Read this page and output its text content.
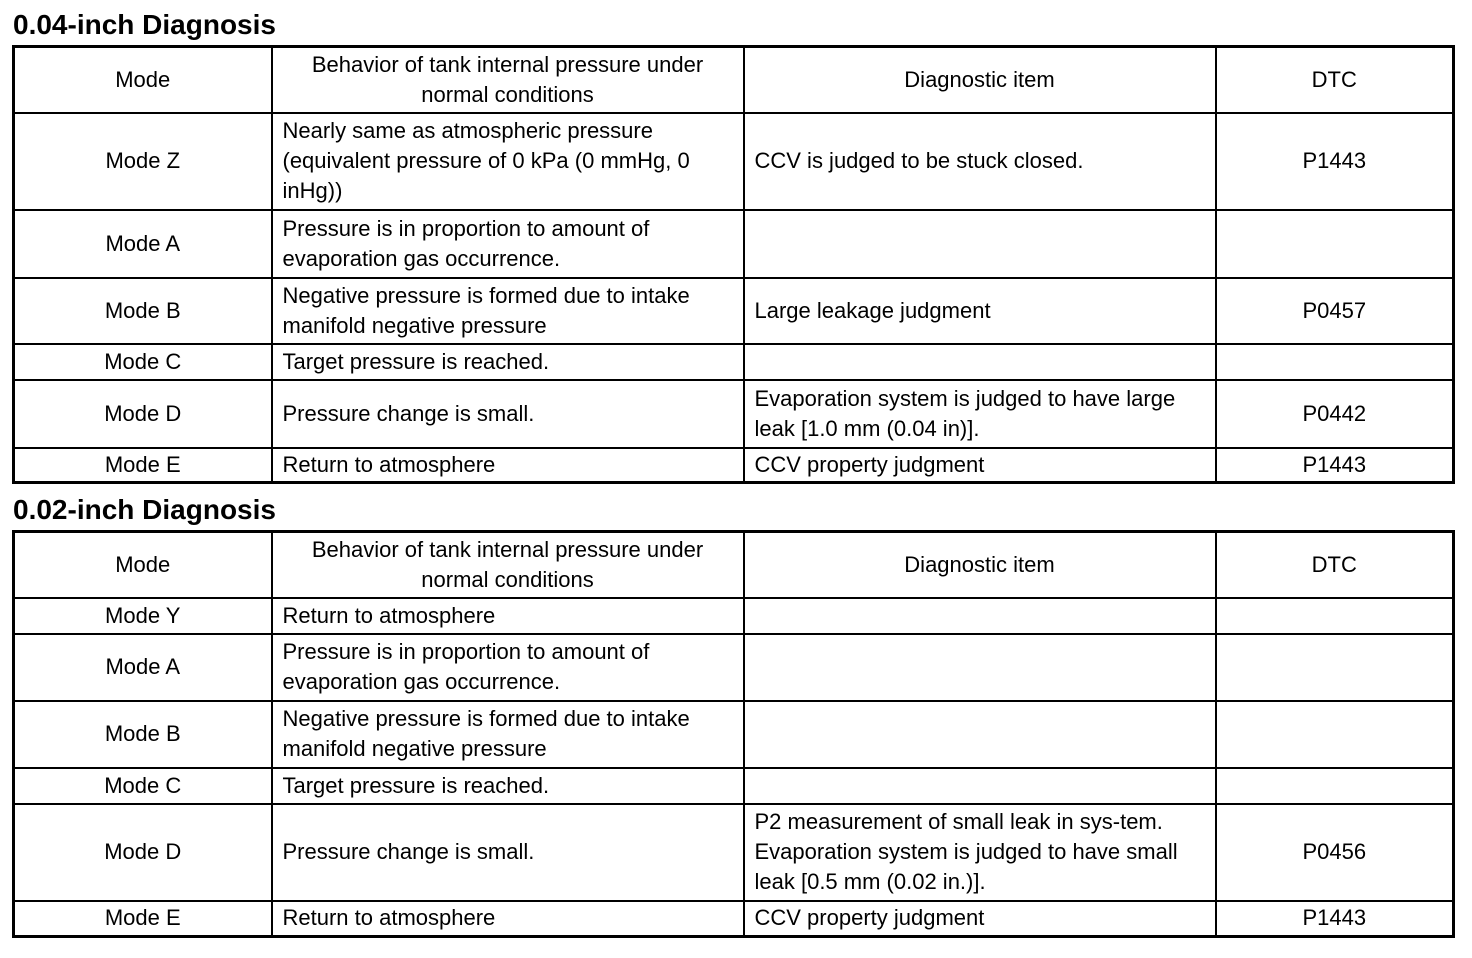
0.04-inch Diagnosis
Mode	Behavior of tank internal pressure under normal conditions	Diagnostic item	DTC
Mode Z	Nearly same as atmospheric pressure (equivalent pressure of 0 kPa (0 mmHg, 0 inHg))	CCV is judged to be stuck closed.	P1443
Mode A	Pressure is in proportion to amount of evaporation gas occurrence.		
Mode B	Negative pressure is formed due to intake manifold negative pressure	Large leakage judgment	P0457
Mode C	Target pressure is reached.		
Mode D	Pressure change is small.	Evaporation system is judged to have large leak [1.0 mm (0.04 in)].	P0442
Mode E	Return to atmosphere	CCV property judgment	P1443
0.02-inch Diagnosis
Mode	Behavior of tank internal pressure under normal conditions	Diagnostic item	DTC
Mode Y	Return to atmosphere		
Mode A	Pressure is in proportion to amount of evaporation gas occurrence.		
Mode B	Negative pressure is formed due to intake manifold negative pressure		
Mode C	Target pressure is reached.		
Mode D	Pressure change is small.	P2 measurement of small leak in sys-tem. Evaporation system is judged to have small leak [0.5 mm (0.02 in.)].	P0456
Mode E	Return to atmosphere	CCV property judgment	P1443
